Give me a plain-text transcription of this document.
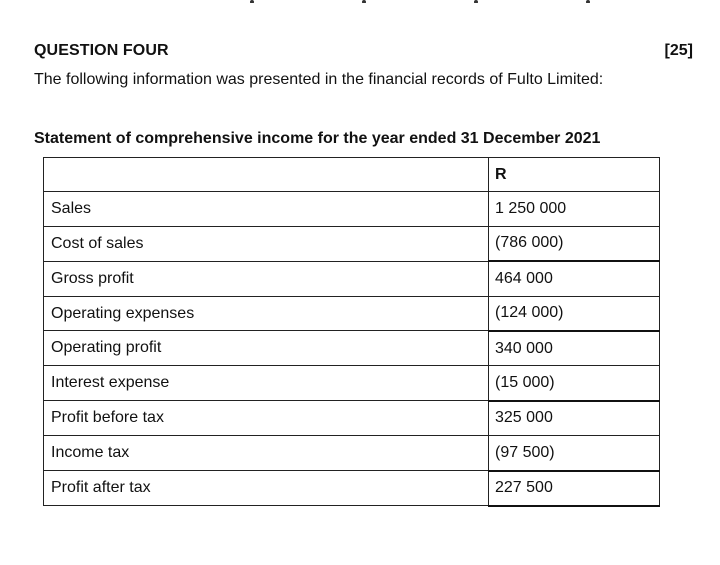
QUESTION FOUR	[25]
The following information was presented in the financial records of Fulto Limited:
Statement of comprehensive income for the year ended 31 December 2021
	R
Sales	1 250 000
Cost of sales	(786 000)
Gross profit	464 000
Operating expenses	(124 000)
Operating profit	340 000
Interest expense	(15 000)
Profit before tax	325 000
Income tax	(97 500)
Profit after tax	227 500
